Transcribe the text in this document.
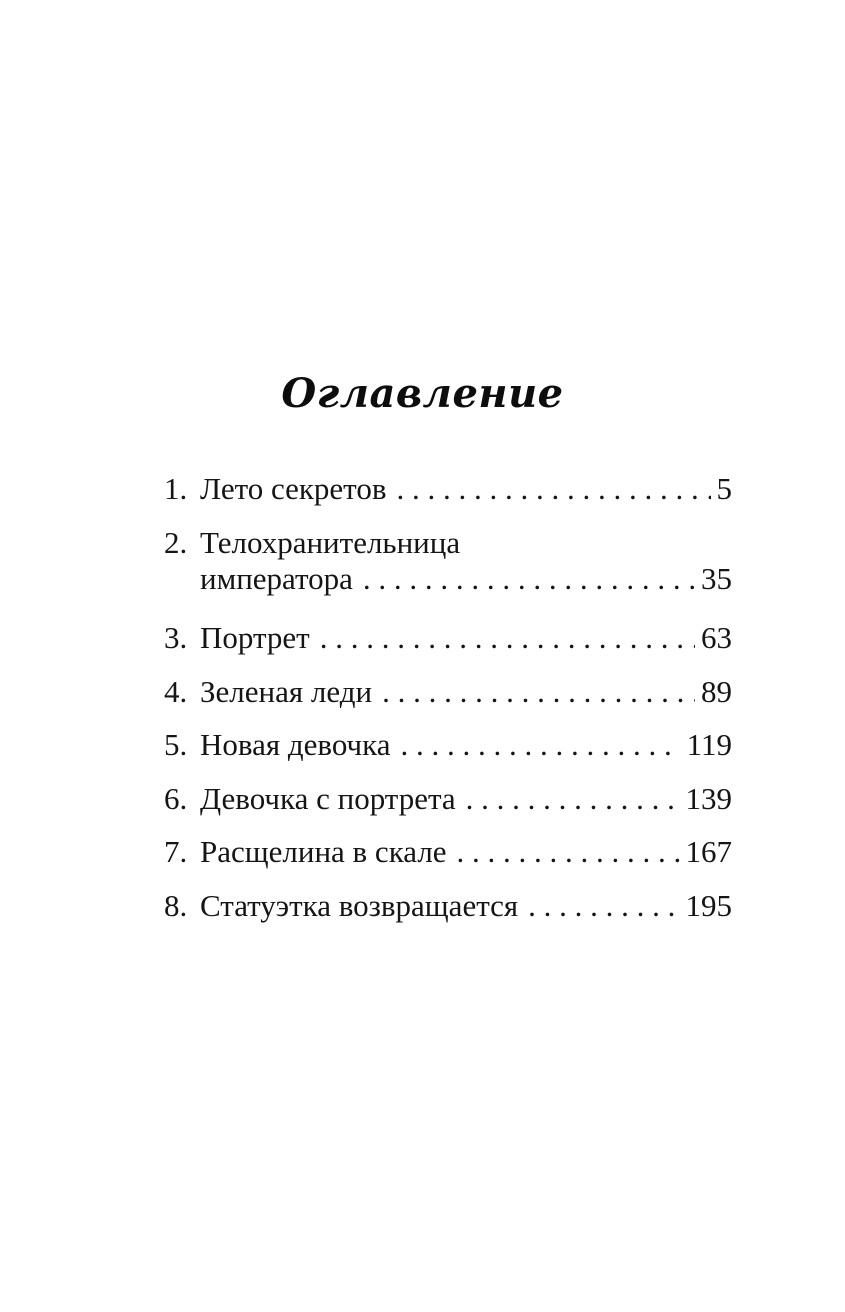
Оглавление
1. Лето секретов . . .	5
2. Телохранительница
императора . . .	35
3. Портрет . . .	63
4. Зеленая леди . . .	89
5. Новая девочка . . .	119
6. Девочка с портрета . . .	139
7. Расщелина в скале . . .	167
8. Статуэтка возвращается . . .	195
